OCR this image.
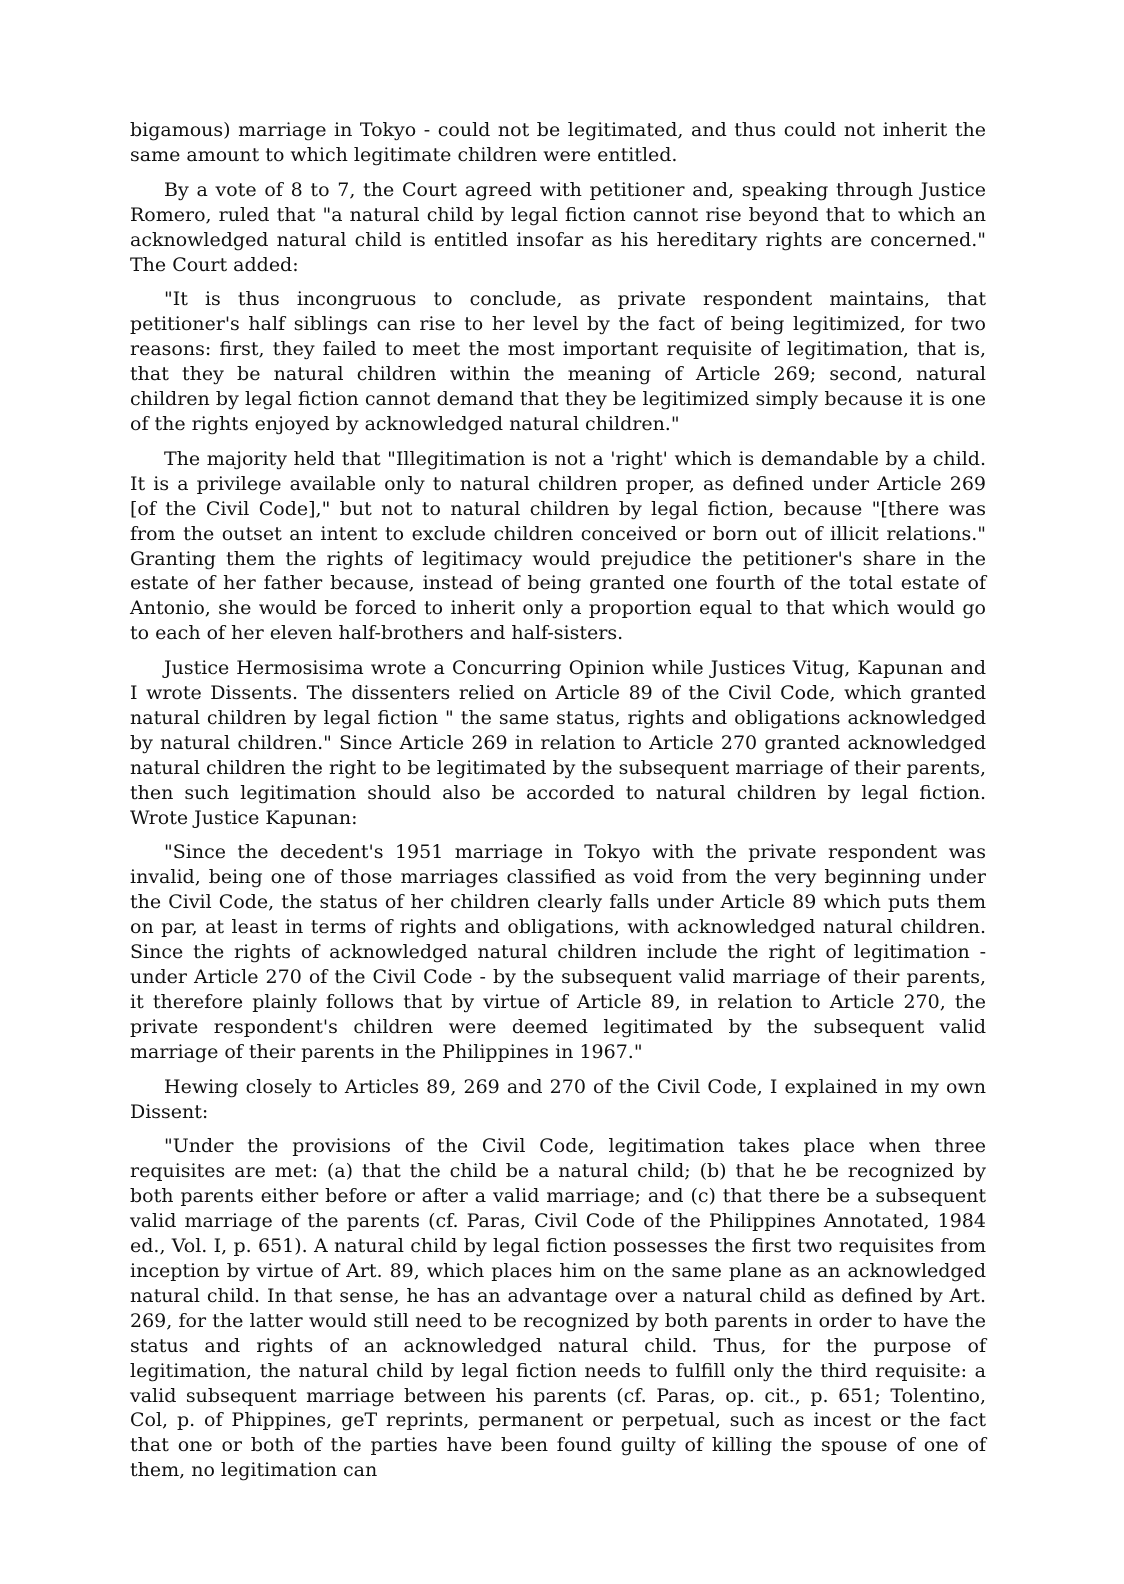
bigamous) marriage in Tokyo - could not be legitimated, and thus could not inherit the same amount to which legitimate children were entitled.

By a vote of 8 to 7, the Court agreed with petitioner and, speaking through Justice Romero, ruled that "a natural child by legal fiction cannot rise beyond that to which an acknowledged natural child is entitled insofar as his hereditary rights are concerned." The Court added:

"It is thus incongruous to conclude, as private respondent maintains, that petitioner's half siblings can rise to her level by the fact of being legitimized, for two reasons: first, they failed to meet the most important requisite of legitimation, that is, that they be natural children within the meaning of Article 269; second, natural children by legal fiction cannot demand that they be legitimized simply because it is one of the rights enjoyed by acknowledged natural children."

The majority held that "Illegitimation is not a 'right' which is demandable by a child. It is a privilege available only to natural children proper, as defined under Article 269 [of the Civil Code]," but not to natural children by legal fiction, because "[there was from the outset an intent to exclude children conceived or born out of illicit relations." Granting them the rights of legitimacy would prejudice the petitioner's share in the estate of her father because, instead of being granted one fourth of the total estate of Antonio, she would be forced to inherit only a proportion equal to that which would go to each of her eleven half-brothers and half-sisters.

Justice Hermosisima wrote a Concurring Opinion while Justices Vitug, Kapunan and I wrote Dissents. The dissenters relied on Article 89 of the Civil Code, which granted natural children by legal fiction " the same status, rights and obligations acknowledged by natural children." Since Article 269 in relation to Article 270 granted acknowledged natural children the right to be legitimated by the subsequent marriage of their parents, then such legitimation should also be accorded to natural children by legal fiction. Wrote Justice Kapunan:

"Since the decedent's 1951 marriage in Tokyo with the private respondent was invalid, being one of those marriages classified as void from the very beginning under the Civil Code, the status of her children clearly falls under Article 89 which puts them on par, at least in terms of rights and obligations, with acknowledged natural children. Since the rights of acknowledged natural children include the right of legitimation - under Article 270 of the Civil Code - by the subsequent valid marriage of their parents, it therefore plainly follows that by virtue of Article 89, in relation to Article 270, the private respondent's children were deemed legitimated by the subsequent valid marriage of their parents in the Philippines in 1967."

Hewing closely to Articles 89, 269 and 270 of the Civil Code, I explained in my own Dissent:

"Under the provisions of the Civil Code, legitimation takes place when three requisites are met: (a) that the child be a natural child; (b) that he be recognized by both parents either before or after a valid marriage; and (c) that there be a subsequent valid marriage of the parents (cf. Paras, Civil Code of the Philippines Annotated, 1984 ed., Vol. I, p. 651). A natural child by legal fiction possesses the first two requisites from inception by virtue of Art. 89, which places him on the same plane as an acknowledged natural child. In that sense, he has an advantage over a natural child as defined by Art. 269, for the latter would still need to be recognized by both parents in order to have the status and rights of an acknowledged natural child. Thus, for the purpose of legitimation, the natural child by legal fiction needs to fulfill only the third requisite: a valid subsequent marriage between his parents (cf. Paras, op. cit., p. 651; Tolentino, Col, p. of Phippines, geT reprints, permanent or perpetual, such as incest or the fact that one or both of the parties have been found guilty of killing the spouse of one of them, no legitimation can
